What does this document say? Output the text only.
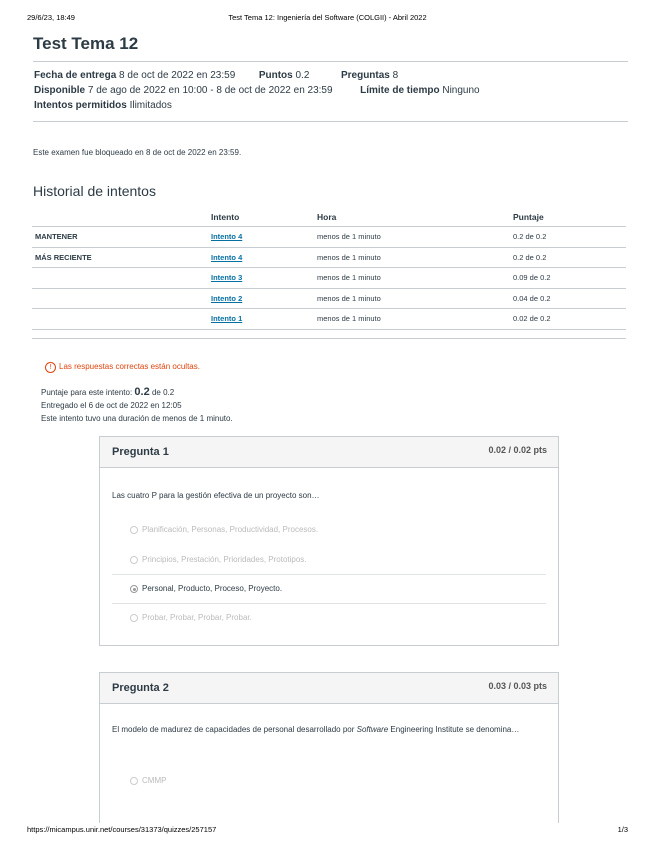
29/6/23, 18:49	Test Tema 12: Ingeniería del Software (COLGII) - Abril 2022
Test Tema 12
Fecha de entrega 8 de oct de 2022 en 23:59 Puntos 0.2	Preguntas 8
Disponible 7 de ago de 2022 en 10:00 - 8 de oct de 2022 en 23:59	Límite de tiempo Ninguno
Intentos permitidos Ilimitados
Este examen fue bloqueado en 8 de oct de 2022 en 23:59.
Historial de intentos
	Intento	Hora	Puntaje
MANTENER	Intento 4	menos de 1 minuto	0.2 de 0.2
MÁS RECIENTE	Intento 4	menos de 1 minuto	0.2 de 0.2
	Intento 3	menos de 1 minuto	0.09 de 0.2
	Intento 2	menos de 1 minuto	0.04 de 0.2
	Intento 1	menos de 1 minuto	0.02 de 0.2

! Las respuestas correctas están ocultas.
Puntaje para este intento: 0.2 de 0.2
Entregado el 6 de oct de 2022 en 12:05
Este intento tuvo una duración de menos de 1 minuto.
Pregunta 1	0.02 / 0.02 pts
Las cuatro P para la gestión efectiva de un proyecto son…
Planificación, Personas, Productividad, Procesos.
Principios, Prestación, Prioridades, Prototipos.
Personal, Producto, Proceso, Proyecto.
Probar, Probar, Probar, Probar.
Pregunta 2	0.03 / 0.03 pts
El modelo de madurez de capacidades de personal desarrollado por Software Engineering Institute se denomina…
CMMP
https://micampus.unir.net/courses/31373/quizzes/257157	1/3
